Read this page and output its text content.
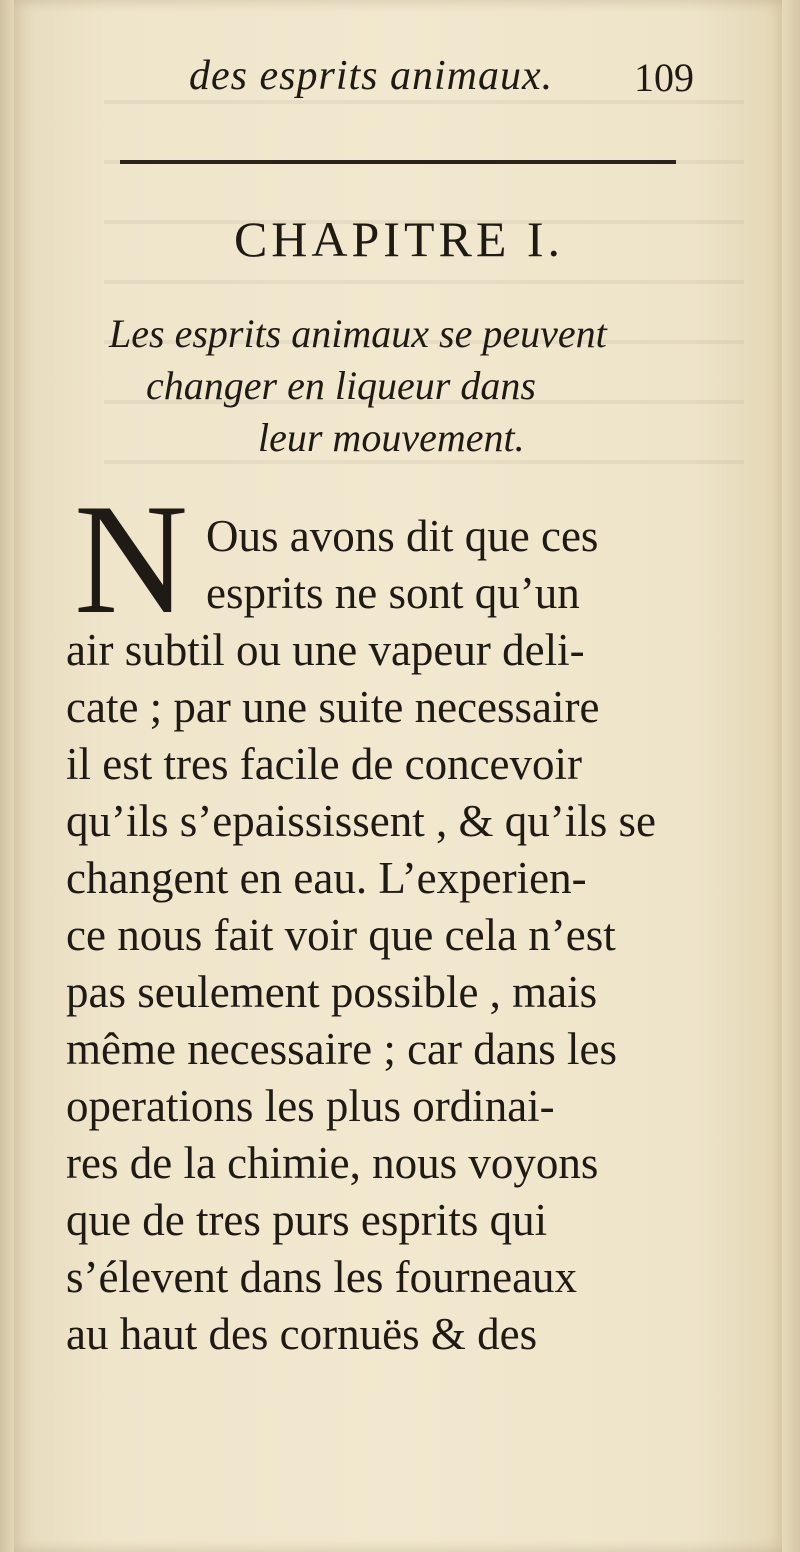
des esprits animaux. 109
CHAPITRE I.
Les esprits animaux se peuvent
changer en liqueur dans
leur mouvement.
N Ous avons dit que ces
esprits ne sont qu’un
air subtil ou une vapeur deli-
cate ; par une suite necessaire
il est tres facile de concevoir
qu’ils s’epaississent , & qu’ils se
changent en eau. L’experien-
ce nous fait voir que cela n’est
pas seulement possible , mais
même necessaire ; car dans les
operations les plus ordinai-
res de la chimie, nous voyons
que de tres purs esprits qui
s’élevent dans les fourneaux
au haut des cornuës & des
